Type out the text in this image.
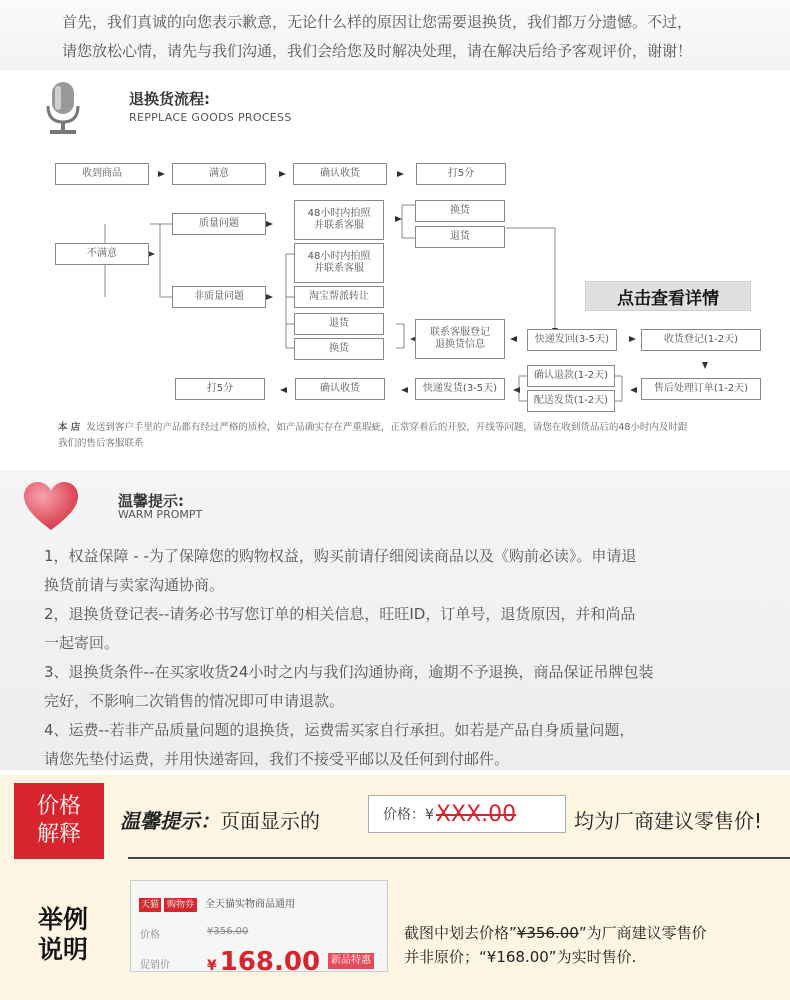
首先，我们真诚的向您表示歉意，无论什么样的原因让您需要退换货，我们都万分遗憾。不过，

请您放松心情，请先与我们沟通，我们会给您及时解决处理，请在解决后给予客观评价，谢谢！

退换货流程:
REPPLACE GOODS PROCESS
收到商品	满意	确认收货	打5分
不满意
质量问题
48小时内拍照
并联系客服
换货
退货
非质量问题
48小时内拍照
并联系客服
淘宝帮派转让
退货
换货
联系客服登记
退换货信息	快递发回(3-5天)	收货登记(1-2天)
售后处理订单(1-2天)
确认退款(1-2天)
配送发货(1-2天)
快递发货(3-5天)
确认收货
打5分
点击查看详情
本 店 发送到客户手里的产品都有经过严格的质检，如产品确实存在严重瑕疵，正常穿着后的开胶，开线等问题，请您在收到货品后的48小时内及时跟
我们的售后客服联系
温馨提示:
WARM PROMPT

1，权益保障 - -为了保障您的购物权益，购买前请仔细阅读商品以及《购前必读》。申请退

换货前请与卖家沟通协商。

2，退换货登记表--请务必书写您订单的相关信息，旺旺ID，订单号，退货原因，并和尚品

一起寄回。

3、退换货条件--在买家收货24小时之内与我们沟通协商，逾期不予退换，商品保证吊牌包装

完好，不影响二次销售的情况即可申请退款。

4、运费--若非产品质量问题的退换货，运费需买家自行承担。如若是产品自身质量问题，

请您先垫付运费，并用快递寄回，我们不接受平邮以及任何到付邮件。

价格
解释
温馨提示：页面显示的	价格：¥ XXX.00	均为厂商建议零售价!
举例
说明
天猫 购物券	全天猫实物商品通用
价格	¥356.00
促销价	¥ 168.00	新品特惠
截图中划去价格”¥356.00”为厂商建议零售价
并非原价；“¥168.00”为实时售价.
